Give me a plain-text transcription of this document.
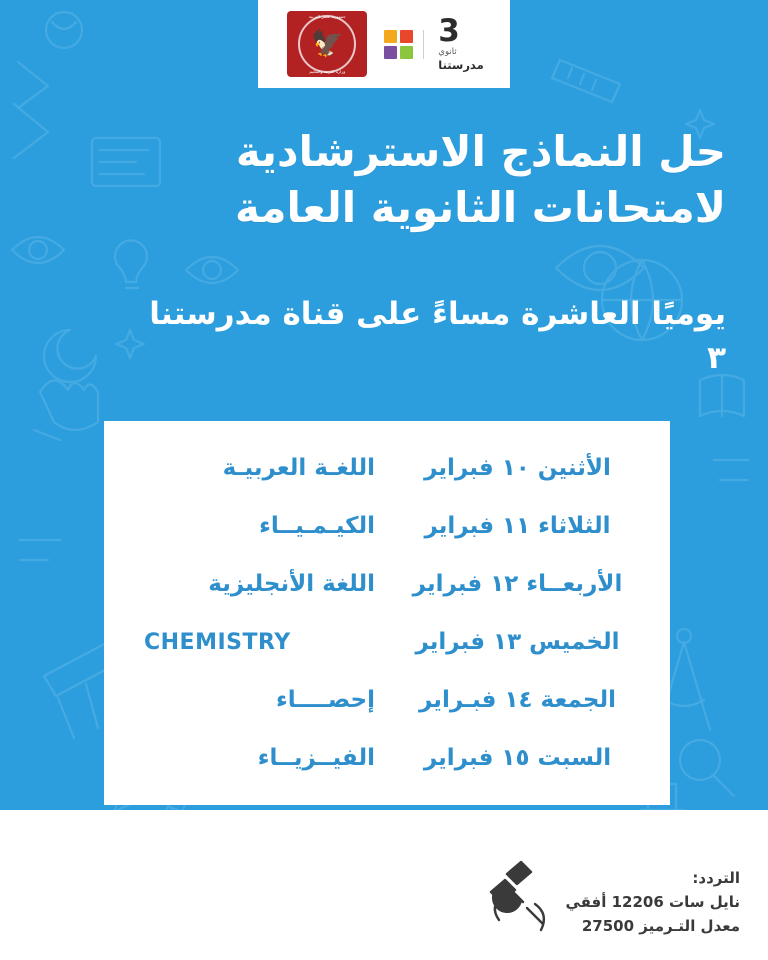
3
ثانوي
مدرستنا
جمهورية مصر العربية
🦅
وزارة التربية والتعليم
حل النماذج الاسترشادية لامتحانات الثانوية العامة
يوميًا العاشرة مساءً على قناة مدرستنا ٣
الأثنين ١٠ فبراير
اللغـة العربيـة
الثلاثاء ١١ فبراير
الكيـمـيــاء
الأربعــاء ١٢ فبراير
اللغة الأنجليزية
الخميس ١٣ فبراير
CHEMISTRY
الجمعة ١٤ فبـراير
إحصــــاء
السبت ١٥ فبراير
الفيــزيــاء
التردد:
نايل سات 12206 أفقي
معدل التـرميز 27500
